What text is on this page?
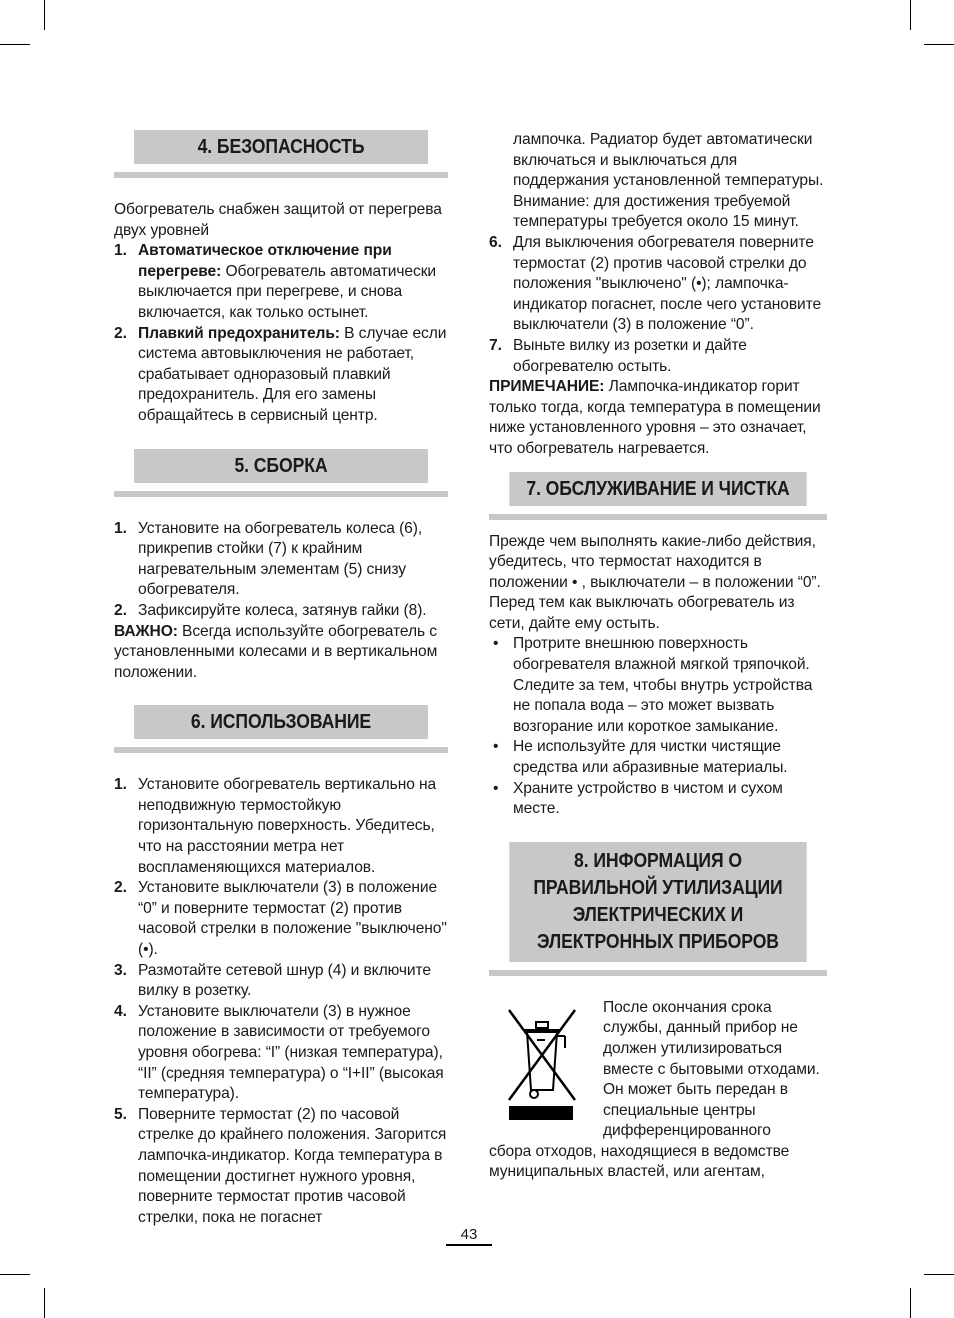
4. БЕЗОПАСНОСТЬ

Обогреватель снабжен защитой от перегрева двух уровней

1. Автоматическое отключение при перегреве: Обогреватель автоматически выключается при перегреве, и снова включается, как только остынет.
2. Плавкий предохранитель: В случае если система автовыключения не работает, срабатывает одноразовый плавкий предохранитель. Для его замены обращайтесь в сервисный центр.
5. СБОРКА
1. Установите на обогреватель колеса (6), прикрепив стойки (7) к крайним нагревательным элементам (5) снизу обогревателя.
2. Зафиксируйте колеса, затянув гайки (8).

ВАЖНО: Всегда используйте обогреватель с установленными колесами и в вертикальном положении.

6. ИСПОЛЬЗОВАНИЕ
1. Установите обогреватель вертикально на неподвижную термостойкую горизонтальную поверхность. Убедитесь, что на расстоянии метра нет воспламеняющихся материалов.
2. Установите выключатели (3) в положение “0” и поверните термостат (2) против часовой стрелки в положение "выключено" (•).
3. Размотайте сетевой шнур (4) и включите вилку в розетку.
4. Установите выключатели (3) в нужное положение в зависимости от требуемого уровня обогрева: “I” (низкая температура), “II” (средняя температура) о “I+II” (высокая температура).
5. Поверните термостат (2) по часовой стрелке до крайнего положения. Загорится лампочка-индикатор. Когда температура в помещении достигнет нужного уровня, поверните термостат против часовой стрелки, пока не погаснет
лампочка. Радиатор будет автоматически включаться и выключаться для поддержания установленной температуры. Внимание: для достижения требуемой температуры требуется около 15 минут.
6. Для выключения обогревателя поверните термостат (2) против часовой стрелки до положения "выключено" (•); лампочка-индикатор погаснет, после чего установите выключатели (3) в положение “0”.
7. Выньте вилку из розетки и дайте обогревателю остыть.

ПРИМЕЧАНИЕ: Лампочка-индикатор горит только тогда, когда температура в помещении ниже установленного уровня – это означает, что обогреватель нагревается.

7. ОБСЛУЖИВАНИЕ И ЧИСТКА

Прежде чем выполнять какие-либо действия, убедитесь, что термостат находится в положении • , выключатели – в положении “0”. Перед тем как выключать обогреватель из сети, дайте ему остыть.

• Протрите внешнюю поверхность обогревателя влажной мягкой тряпочкой. Следите за тем, чтобы внутрь устройства не попала вода – это может вызвать возгорание или короткое замыкание.
• Не используйте для чистки чистящие средства или абразивные материалы.
• Храните устройство в чистом и сухом месте.
8. ИНФОРМАЦИЯ О ПРАВИЛЬНОЙ УТИЛИЗАЦИИ ЭЛЕКТРИЧЕСКИХ И ЭЛЕКТРОННЫХ ПРИБОРОВ
После окончания срока службы, данный прибор не должен утилизироваться вместе с бытовыми отходами. Он может быть передан в специальные центры дифференцированного
сбора отходов, находящиеся в ведомстве муниципальных властей, или агентам,
43
